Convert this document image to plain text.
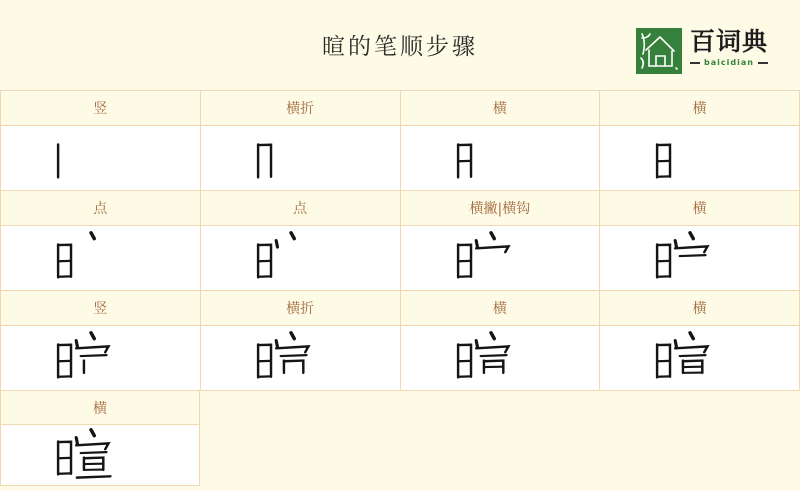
暄的笔顺步骤	百词典
baicidian
竖	横折	横	横
点	点	横撇|横钩	横
竖	横折	横	横
横
